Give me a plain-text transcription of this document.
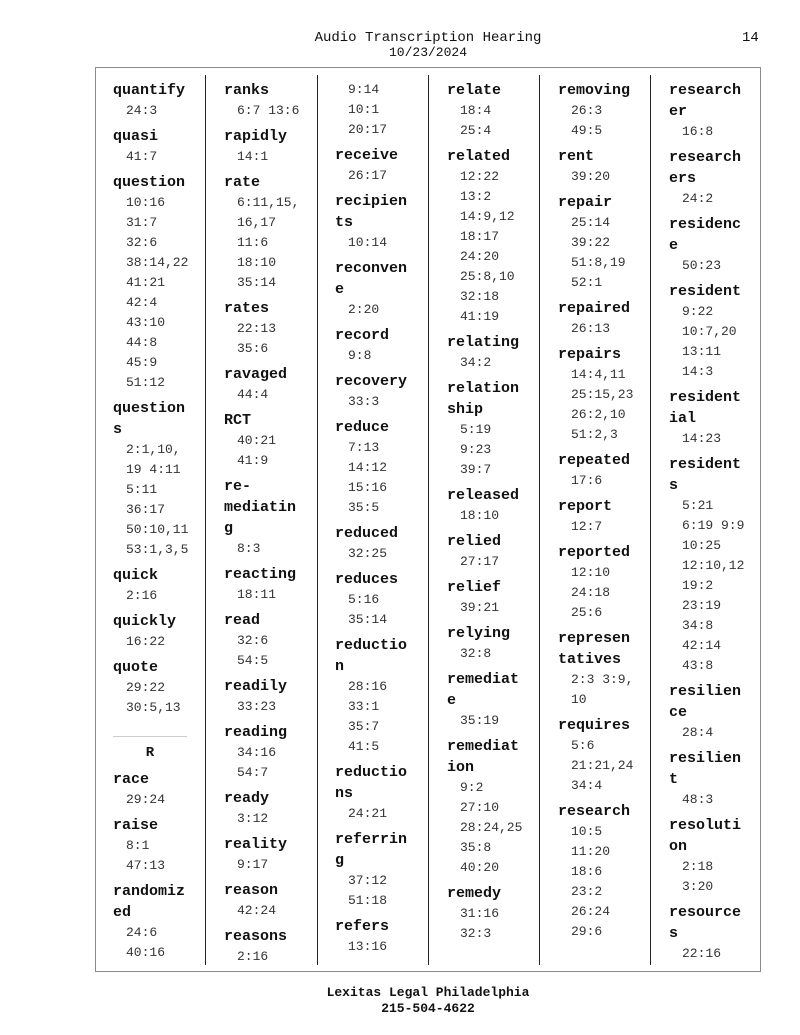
Audio Transcription Hearing
10/23/2024
14
quantify
24:3
quasi
41:7
question
10:16
31:7
32:6
38:14,22
41:21
42:4
43:10
44:8
45:9
51:12
question
s
2:1,10,
19 4:11
5:11
36:17
50:10,11
53:1,3,5
quick
2:16
quickly
16:22
quote
29:22
30:5,13
R
race
29:24
raise
8:1
47:13
randomiz
ed
24:6
40:16
ranks
6:7 13:6
rapidly
14:1
rate
6:11,15,
16,17
11:6
18:10
35:14
rates
22:13
35:6
ravaged
44:4
RCT
40:21
41:9
re-
mediatin
g
8:3
reacting
18:11
read
32:6
54:5
readily
33:23
reading
34:16
54:7
ready
3:12
reality
9:17
reason
42:24
reasons
2:16
9:14
10:1
20:17
receive
26:17
recipien
ts
10:14
reconven
e
2:20
record
9:8
recovery
33:3
reduce
7:13
14:12
15:16
35:5
reduced
32:25
reduces
5:16
35:14
reductio
n
28:16
33:1
35:7
41:5
reductio
ns
24:21
referrin
g
37:12
51:18
refers
13:16
relate
18:4
25:4
related
12:22
13:2
14:9,12
18:17
24:20
25:8,10
32:18
41:19
relating
34:2
relation
ship
5:19
9:23
39:7
released
18:10
relied
27:17
relief
39:21
relying
32:8
remediat
e
35:19
remediat
ion
9:2
27:10
28:24,25
35:8
40:20
remedy
31:16
32:3
removing
26:3
49:5
rent
39:20
repair
25:14
39:22
51:8,19
52:1
repaired
26:13
repairs
14:4,11
25:15,23
26:2,10
51:2,3
repeated
17:6
report
12:7
reported
12:10
24:18
25:6
represen
tatives
2:3 3:9,
10
requires
5:6
21:21,24
34:4
research
10:5
11:20
18:6
23:2
26:24
29:6
research
er
16:8
research
ers
24:2
residenc
e
50:23
resident
9:22
10:7,20
13:11
14:3
resident
ial
14:23
resident
s
5:21
6:19 9:9
10:25
12:10,12
19:2
23:19
34:8
42:14
43:8
resilien
ce
28:4
resilien
t
48:3
resoluti
on
2:18
3:20
resource
s
22:16
Lexitas Legal Philadelphia
215-504-4622
